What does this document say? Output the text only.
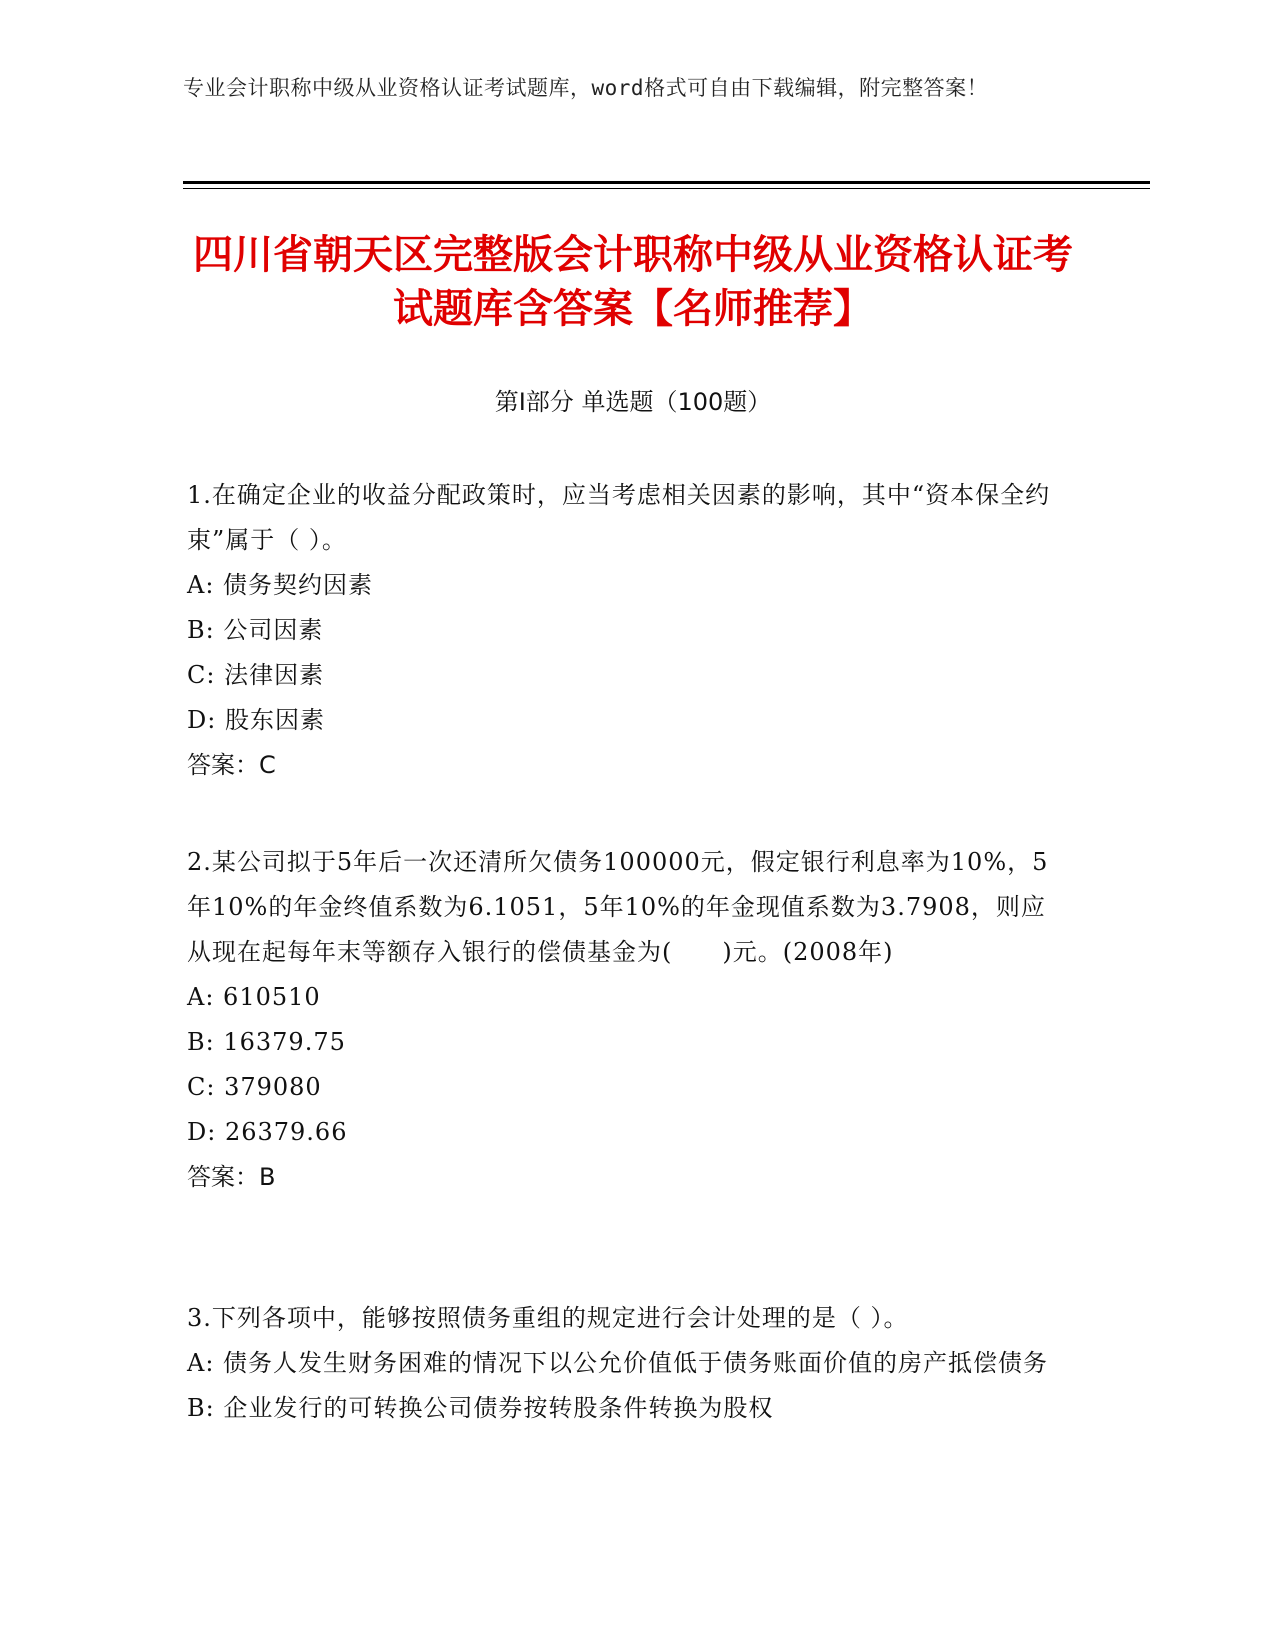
专业会计职称中级从业资格认证考试题库，word格式可自由下载编辑，附完整答案！
四川省朝天区完整版会计职称中级从业资格认证考试题库含答案【名师推荐】
第I部分 单选题（100题）

1.在确定企业的收益分配政策时，应当考虑相关因素的影响，其中“资本保全约束”属于（ ）。

A: 债务契约因素

B: 公司因素

C: 法律因素

D: 股东因素

答案：C

2.某公司拟于5年后一次还清所欠债务100000元，假定银行利息率为10%，5年10%的年金终值系数为6.1051，5年10%的年金现值系数为3.7908，则应从现在起每年末等额存入银行的偿债基金为(　　)元。(2008年)

A: 610510

B: 16379.75

C: 379080

D: 26379.66

答案：B

3.下列各项中，能够按照债务重组的规定进行会计处理的是（ ）。

A: 债务人发生财务困难的情况下以公允价值低于债务账面价值的房产抵偿债务

B: 企业发行的可转换公司债券按转股条件转换为股权
